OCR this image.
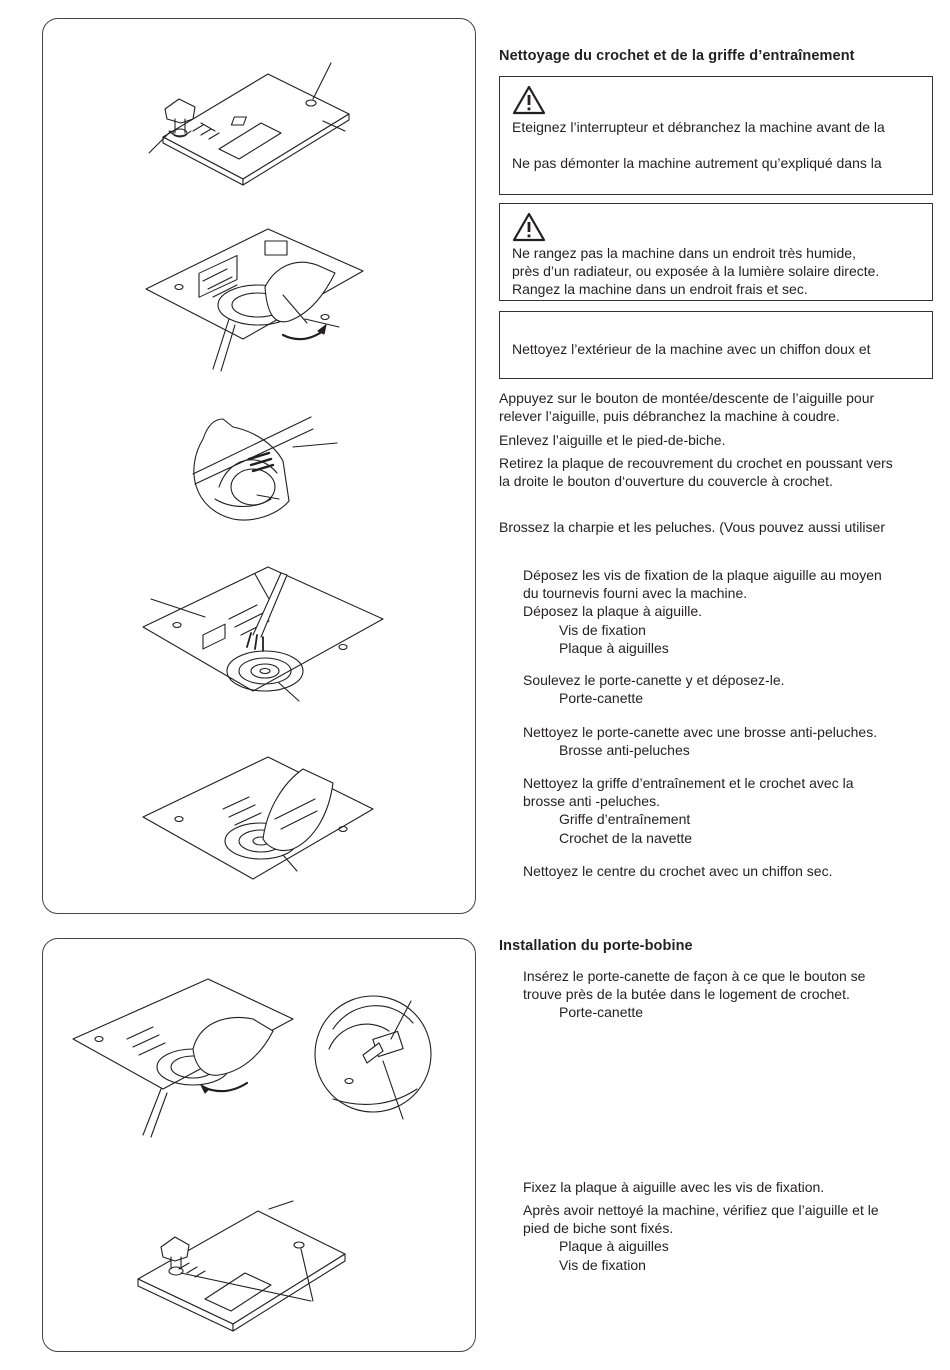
Nettoyage du crochet et de la griffe d’entraînement

Eteignez l’interrupteur et débranchez la machine avant de la

Ne pas démonter la machine autrement qu’expliqué dans la

Ne rangez pas la machine dans un endroit très humide,

près d’un radiateur, ou exposée à la lumière solaire directe.

Rangez la machine dans un endroit frais et sec.

Nettoyez l’extérieur de la machine avec un chiffon doux et

Appuyez sur le bouton de montée/descente de l’aiguille pour
relever l’aiguille, puis débranchez la machine à coudre.
Enlevez l’aiguille et le pied-de-biche.
Retirez la plaque de recouvrement du crochet en poussant vers
la droite le bouton d‘ouverture du couvercle à crochet.
Brossez la charpie et les peluches. (Vous pouvez aussi utiliser
Déposez les vis de fixation de la plaque aiguille au moyen
du tournevis fourni avec la machine.
Déposez la plaque à aiguille.
Vis de fixation
Plaque à aiguilles
Soulevez le porte-canette y et déposez-le.
Porte-canette
Nettoyez le porte-canette avec une brosse anti-peluches.
Brosse anti-peluches
Nettoyez la griffe d’entraînement et le crochet avec la
brosse anti -peluches.
Griffe d’entraînement
Crochet de la navette
Nettoyez le centre du crochet avec un chiffon sec.
Installation du porte-bobine
Insérez le porte-canette de façon à ce que le bouton se
trouve près de la butée dans le logement de crochet.
Porte-canette
Fixez la plaque à aiguille avec les vis de fixation.
Après avoir nettoyé la machine, vérifiez que l’aiguille et le
pied de biche sont fixés.
Plaque à aiguilles
Vis de fixation
